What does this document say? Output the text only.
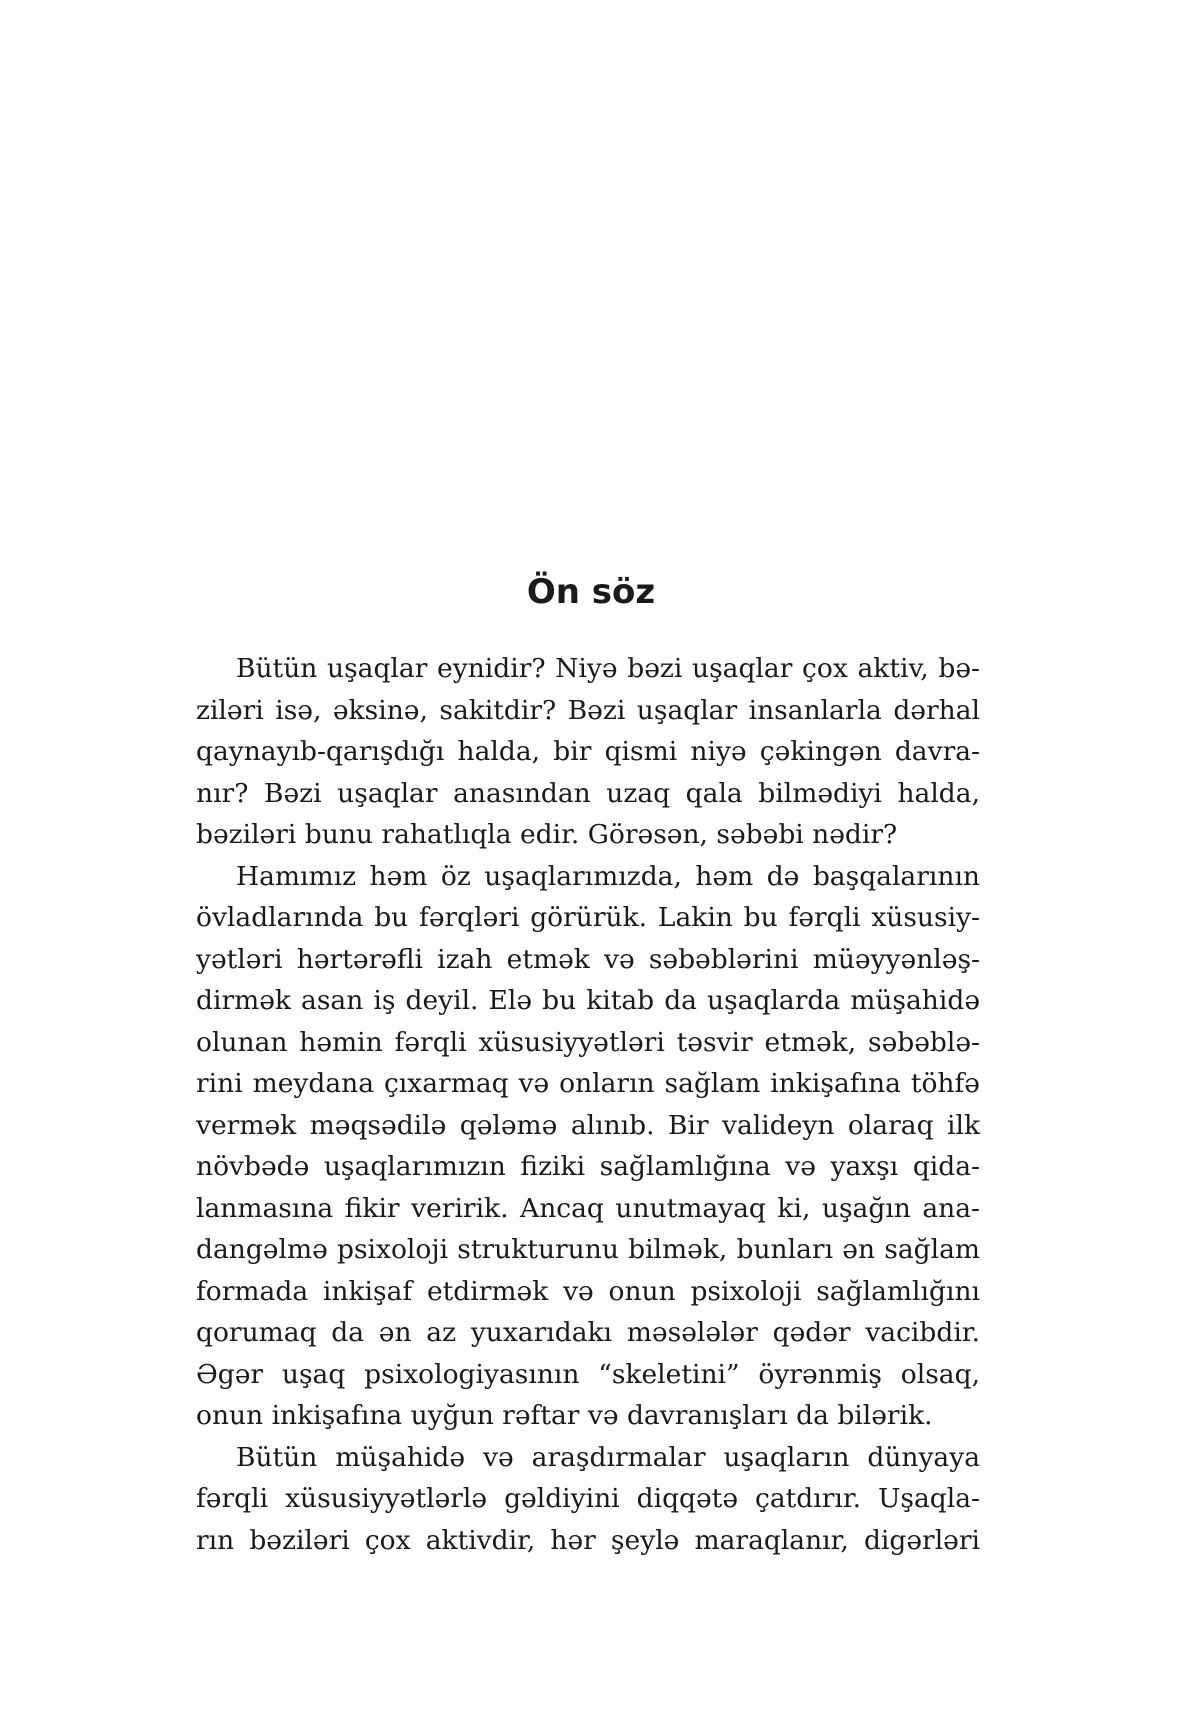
Ön söz
Bütün uşaqlar eynidir? Niyə bəzi uşaqlar çox aktiv, bə-
ziləri isə, əksinə, sakitdir? Bəzi uşaqlar insanlarla dərhal
qaynayıb-qarışdığı halda, bir qismi niyə çəkingən davra-
nır? Bəzi uşaqlar anasından uzaq qala bilmədiyi halda,
bəziləri bunu rahatlıqla edir. Görəsən, səbəbi nədir?
Hamımız həm öz uşaqlarımızda, həm də başqalarının
övladlarında bu fərqləri görürük. Lakin bu fərqli xüsusiy-
yətləri hərtərəfli izah etmək və səbəblərini müəyyənləş-
dirmək asan iş deyil. Elə bu kitab da uşaqlarda müşahidə
olunan həmin fərqli xüsusiyyətləri təsvir etmək, səbəblə-
rini meydana çıxarmaq və onların sağlam inkişafına töhfə
vermək məqsədilə qələmə alınıb. Bir valideyn olaraq ilk
növbədə uşaqlarımızın fiziki sağlamlığına və yaxşı qida-
lanmasına fikir veririk. Ancaq unutmayaq ki, uşağın ana-
dangəlmə psixoloji strukturunu bilmək, bunları ən sağlam
formada inkişaf etdirmək və onun psixoloji sağlamlığını
qorumaq da ən az yuxarıdakı məsələlər qədər vacibdir.
Əgər uşaq psixologiyasının “skeletini” öyrənmiş olsaq,
onun inkişafına uyğun rəftar və davranışları da bilərik.
Bütün müşahidə və araşdırmalar uşaqların dünyaya
fərqli xüsusiyyətlərlə gəldiyini diqqətə çatdırır. Uşaqla-
rın bəziləri çox aktivdir, hər şeylə maraqlanır, digərləri
